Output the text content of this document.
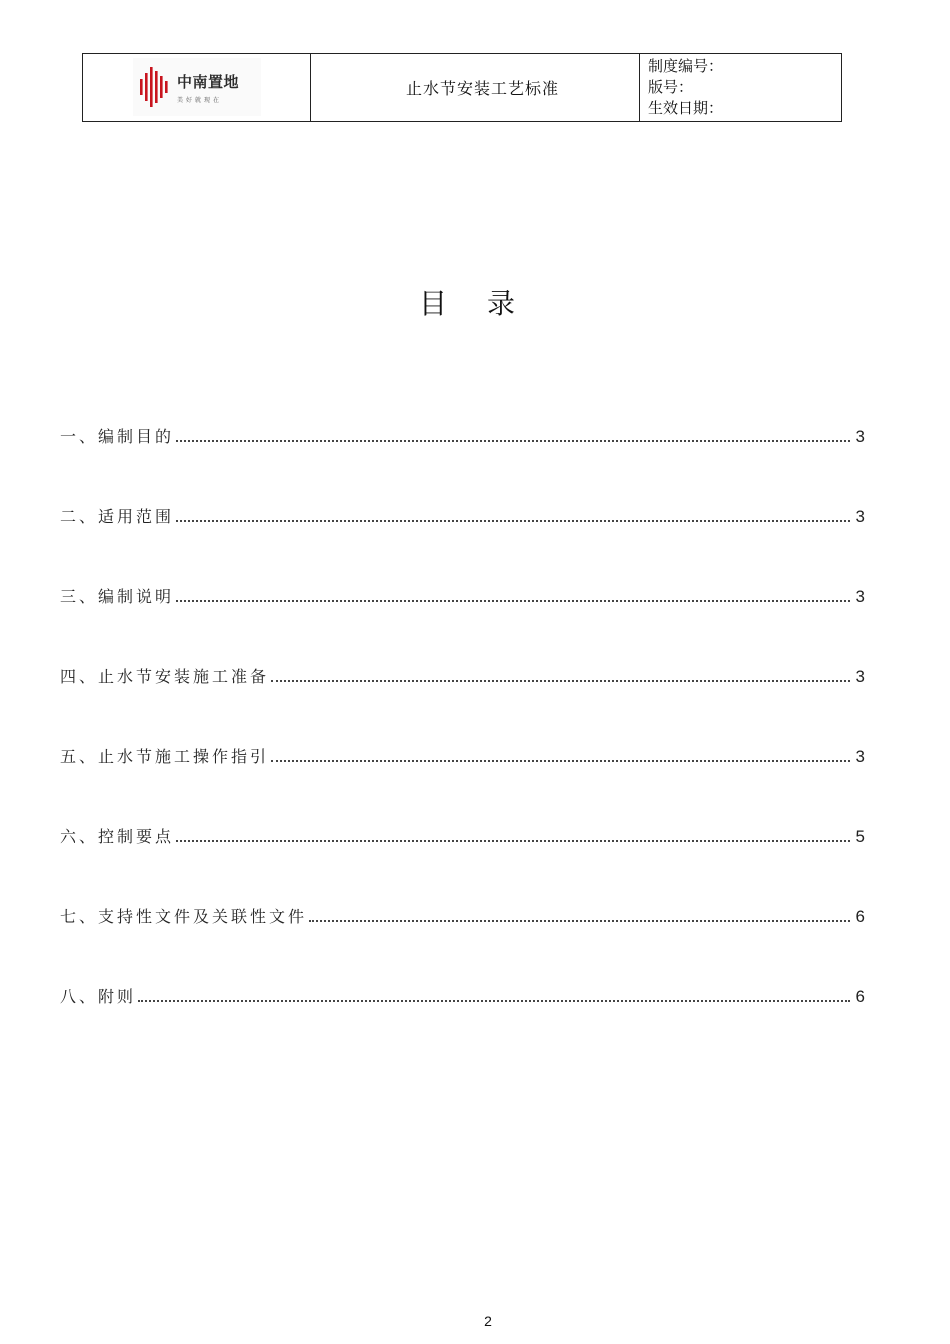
中南置地
美好就现在
止水节安装工艺标准
制度编号：
版号：
生效日期：
目录
一、编制目的	3
二、适用范围	3
三、编制说明	3
四、止水节安装施工准备	3
五、止水节施工操作指引	3
六、控制要点	5
七、支持性文件及关联性文件	6
八、附则	6
2
